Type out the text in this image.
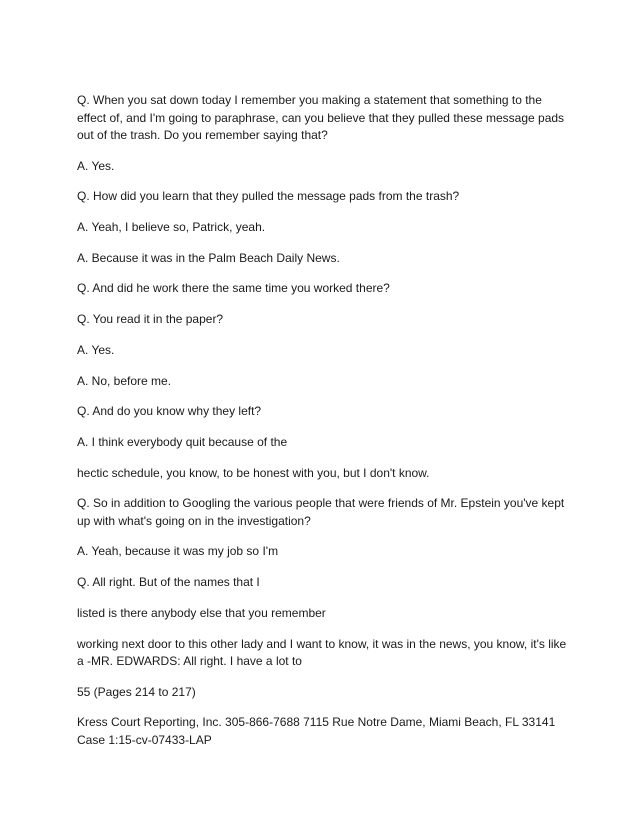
Q. When you sat down today I remember you making a statement that something to the effect of, and I'm going to paraphrase, can you believe that they pulled these message pads out of the trash. Do you remember saying that?

A. Yes.

Q. How did you learn that they pulled the message pads from the trash?

A. Yeah, I believe so, Patrick, yeah.

A. Because it was in the Palm Beach Daily News.

Q. And did he work there the same time you worked there?

Q. You read it in the paper?

A. Yes.

A. No, before me.

Q. And do you know why they left?

A. I think everybody quit because of the

hectic schedule, you know, to be honest with you, but I don't know.

Q. So in addition to Googling the various people that were friends of Mr. Epstein you've kept up with what's going on in the investigation?

A. Yeah, because it was my job so I'm

Q. All right. But of the names that I

listed is there anybody else that you remember

working next door to this other lady and I want to know, it was in the news, you know, it's like a -MR. EDWARDS: All right. I have a lot to

55 (Pages 214 to 217)

Kress Court Reporting, Inc. 305-866-7688 7115 Rue Notre Dame, Miami Beach, FL 33141 Case 1:15-cv-07433-LAP
